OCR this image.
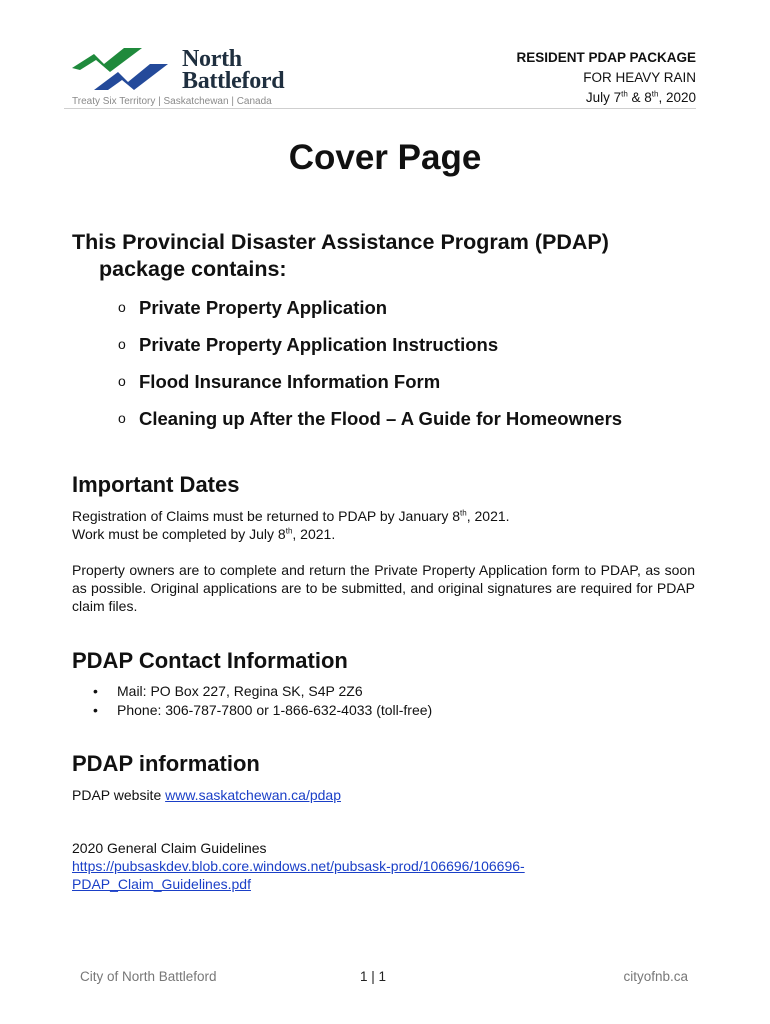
North
Battleford
Treaty Six Territory | Saskatchewan | Canada
RESIDENT PDAP PACKAGE
FOR HEAVY RAIN
July 7th & 8th, 2020
Cover Page
This Provincial Disaster Assistance Program (PDAP)
package contains:
o Private Property Application
o Private Property Application Instructions
o Flood Insurance Information Form
o Cleaning up After the Flood – A Guide for Homeowners
Important Dates
Registration of Claims must be returned to PDAP by January 8th, 2021.
Work must be completed by July 8th, 2021.
Property owners are to complete and return the Private Property Application form to PDAP, as soon as possible. Original applications are to be submitted, and original signatures are required for PDAP claim files.
PDAP Contact Information
• Mail: PO Box 227, Regina SK, S4P 2Z6
• Phone: 306-787-7800 or 1-866-632-4033 (toll-free)
PDAP information
PDAP website www.saskatchewan.ca/pdap
2020 General Claim Guidelines
https://pubsaskdev.blob.core.windows.net/pubsask-prod/106696/106696-
PDAP_Claim_Guidelines.pdf
City of North Battleford	1 | 1	cityofnb.ca
